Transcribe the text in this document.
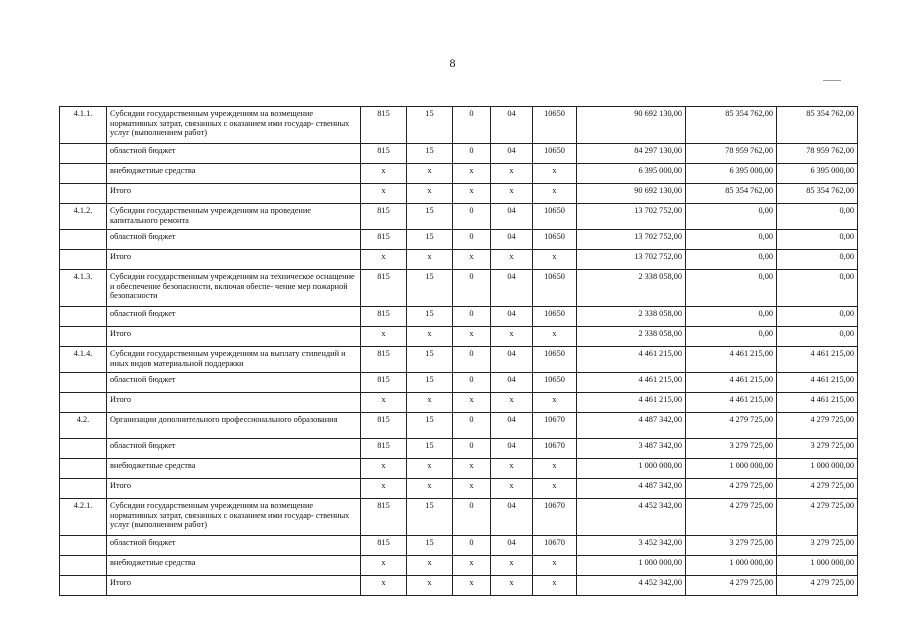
8
4.1.1.	Субсидии государственным учреждениям на возмещение нормативных затрат, связанных с оказанием ими государ- ственных услуг (выполнением работ)	815	15	0	04	10650	90 692 130,00	85 354 762,00	85 354 762,00
	областной бюджет	815	15	0	04	10650	84 297 130,00	78 959 762,00	78 959 762,00
	внебюджетные средства	x	x	x	x	x	6 395 000,00	6 395 000,00	6 395 000,00
	Итого	x	x	x	x	x	90 692 130,00	85 354 762,00	85 354 762,00
4.1.2.	Субсидии государственным учреждениям на проведение капитального ремонта	815	15	0	04	10650	13 702 752,00	0,00	0,00
	областной бюджет	815	15	0	04	10650	13 702 752,00	0,00	0,00
	Итого	x	x	x	x	x	13 702 752,00	0,00	0,00
4.1.3.	Субсидии государственным учреждениям на техническое оснащение и обеспечение безопасности, включая обеспе- чение мер пожарной безопасности	815	15	0	04	10650	2 338 058,00	0,00	0,00
	областной бюджет	815	15	0	04	10650	2 338 058,00	0,00	0,00
	Итого	x	x	x	x	x	2 338 058,00	0,00	0,00
4.1.4.	Субсидии государственным учреждениям на выплату стипендий и иных видов материальной поддержки	815	15	0	04	10650	4 461 215,00	4 461 215,00	4 461 215,00
	областной бюджет	815	15	0	04	10650	4 461 215,00	4 461 215,00	4 461 215,00
	Итого	x	x	x	x	x	4 461 215,00	4 461 215,00	4 461 215,00
4.2.	Организации дополнительного профессионального образования	815	15	0	04	10670	4 487 342,00	4 279 725,00	4 279 725,00
	областной бюджет	815	15	0	04	10670	3 487 342,00	3 279 725,00	3 279 725,00
	внебюджетные средства	x	x	x	x	x	1 000 000,00	1 000 000,00	1 000 000,00
	Итого	x	x	x	x	x	4 487 342,00	4 279 725,00	4 279 725,00
4.2.1.	Субсидии государственным учреждениям на возмещение нормативных затрат, связанных с оказанием ими государ- ственных услуг (выполнением работ)	815	15	0	04	10670	4 452 342,00	4 279 725,00	4 279 725,00
	областной бюджет	815	15	0	04	10670	3 452 342,00	3 279 725,00	3 279 725,00
	внебюджетные средства	x	x	x	x	x	1 000 000,00	1 000 000,00	1 000 000,00
	Итого	x	x	x	x	x	4 452 342,00	4 279 725,00	4 279 725,00
